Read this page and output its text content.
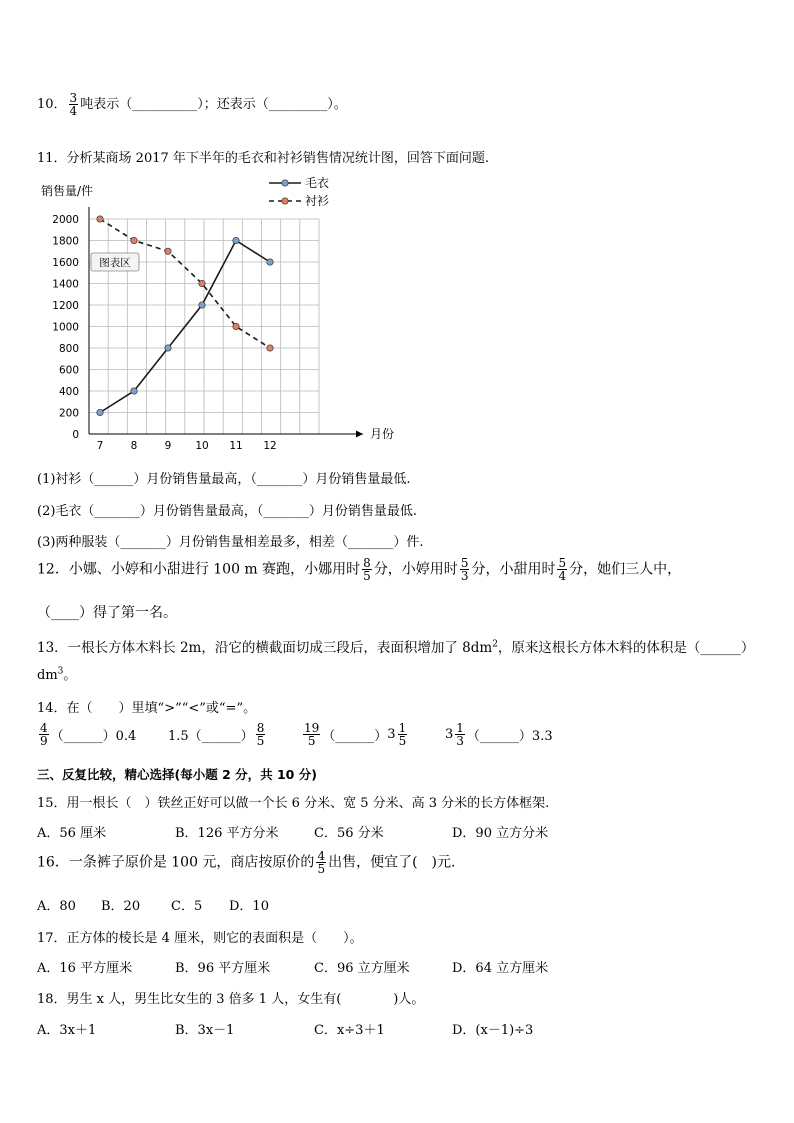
10． $\frac{3}{4}$ 吨表示（__________）；还表示（_________）。
11．分析某商场 2017 年下半年的毛衣和衬衫销售情况统计图，回答下面问题.
0
200
400
600
800
1000
1200
1400
1600
1800
2000
7	8	9 10 11 12
销售量/件
月份
图表区
毛衣
衬衫
(1)衬衫（______）月份销售量最高，（_______）月份销售量最低.
(2)毛衣（_______）月份销售量最高，（_______）月份销售量最低.
(3)两种服装（_______）月份销售量相差最多，相差（_______）件.
12．小娜、小婷和小甜进行 100 m 赛跑，小娜用时 $\frac{8}{5}$ 分，小婷用时 $\frac{5}{3}$ 分，小甜用时 $\frac{5}{4}$ 分，她们三人中，
（____）得了第一名。
13．一根长方体木料长 2m，沿它的横截面切成三段后，表面积增加了 $8dm^2$，原来这根长方体木料的体积是（______）
$dm^3$。
14．在（　　）里填“>”“<”或“=”。
$\frac{4}{9}$ （______）0.4 1.5（______） $\frac{8}{5}$	$\frac{19}{5}$ （______） $3 \frac{1}{5}$	$3 \frac{1}{3}$ （______）3.3
三、反复比较，精心选择(每小题 2 分，共 10 分)
15．用一根长（　）铁丝正好可以做一个长 6 分米、宽 5 分米、高 3 分米的长方体框架.
A．56 厘米	B．126 平方分米	C．56 分米	D．90 立方分米
16．一条裤子原价是 100 元，商店按原价的 $\frac{4}{5}$ 出售，便宜了(　)元.
A．80 B．20 C．5 D．10
17．正方体的棱长是 4 厘米，则它的表面积是（　　）。
A．16 平方厘米	B．96 平方厘米	C．96 立方厘米	D．64 立方厘米
18．男生 x 人，男生比女生的 3 倍多 1 人，女生有(　　　　)人。
A．3x＋1	B．3x－1	C．x÷3＋1	D．(x－1)÷3
